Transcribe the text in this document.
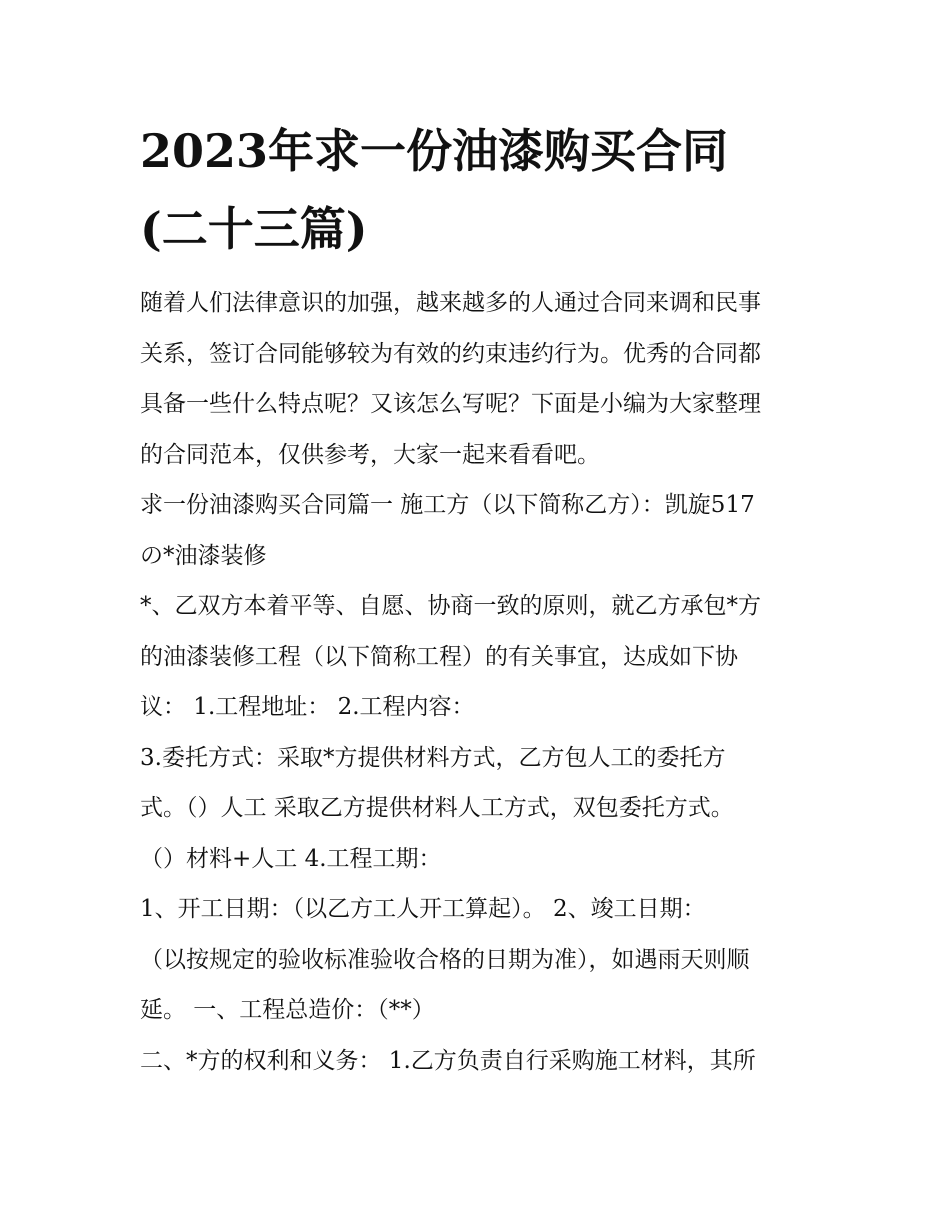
2023年求一份油漆购买合同
(二十三篇)
随着人们法律意识的加强，越来越多的人通过合同来调和民事
关系，签订合同能够较为有效的约束违约行为。优秀的合同都
具备一些什么特点呢？又该怎么写呢？下面是小编为大家整理
的合同范本，仅供参考，大家一起来看看吧。
求一份油漆购买合同篇一 施工方（以下简称乙方）：凯旋517
の*油漆装修
*、乙双方本着平等、自愿、协商一致的原则，就乙方承包*方
的油漆装修工程（以下简称工程）的有关事宜，达成如下协
议： 1.工程地址： 2.工程内容：
3.委托方式：采取*方提供材料方式，乙方包人工的委托方
式。（）人工 采取乙方提供材料人工方式，双包委托方式。
（）材料+人工 4.工程工期：
1、开工日期：（以乙方工人开工算起）。 2、竣工日期：
（以按规定的验收标准验收合格的日期为准），如遇雨天则顺
延。 一、工程总造价：（**）
二、*方的权利和义务： 1.乙方负责自行采购施工材料，其所
